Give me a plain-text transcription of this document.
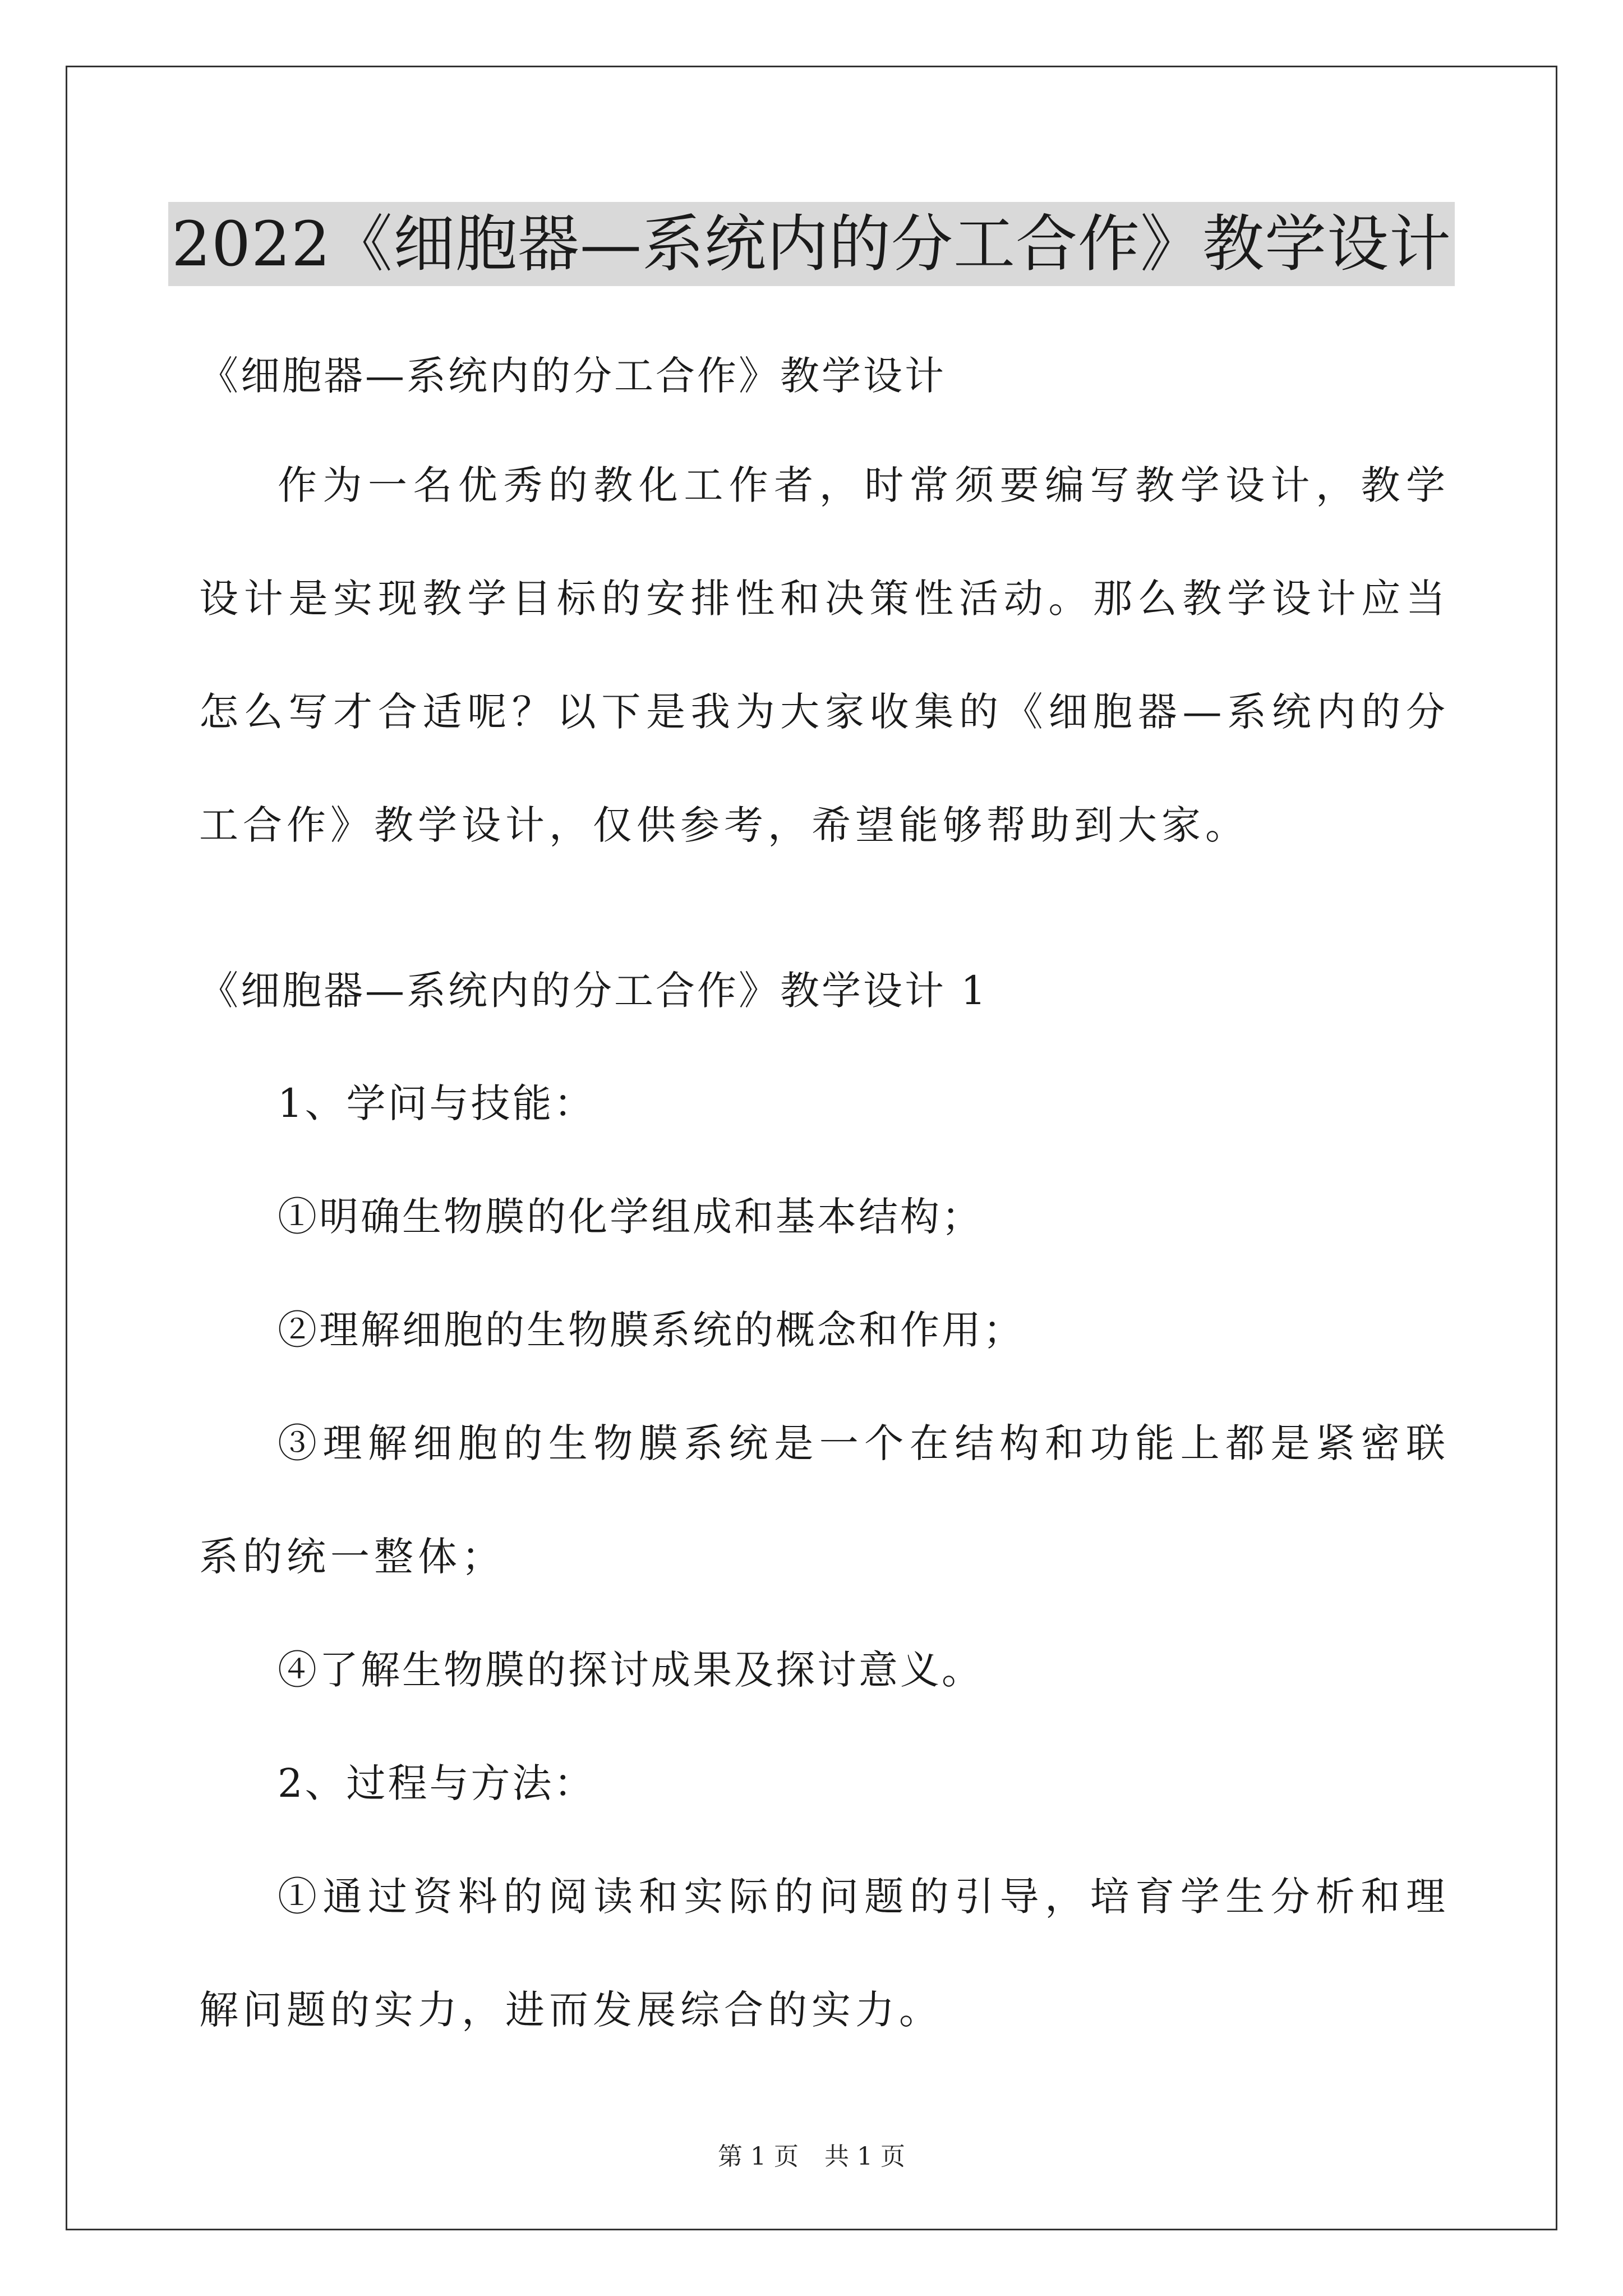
2022《细胞器—系统内的分工合作》教学设计
《细胞器—系统内的分工合作》教学设计
作为一名优秀的教化工作者，时常须要编写教学设计，教学设计是实现教学目标的安排性和决策性活动。那么教学设计应当怎么写才合适呢？以下是我为大家收集的《细胞器—系统内的分工合作》教学设计，仅供参考，希望能够帮助到大家。
《细胞器—系统内的分工合作》教学设计 1
1、学问与技能：
①明确生物膜的化学组成和基本结构；
②理解细胞的生物膜系统的概念和作用；
③理解细胞的生物膜系统是一个在结构和功能上都是紧密联系的统一整体；
④了解生物膜的探讨成果及探讨意义。
2、过程与方法：
①通过资料的阅读和实际的问题的引导，培育学生分析和理解问题的实力，进而发展综合的实力。
第 1 页 共 1 页
